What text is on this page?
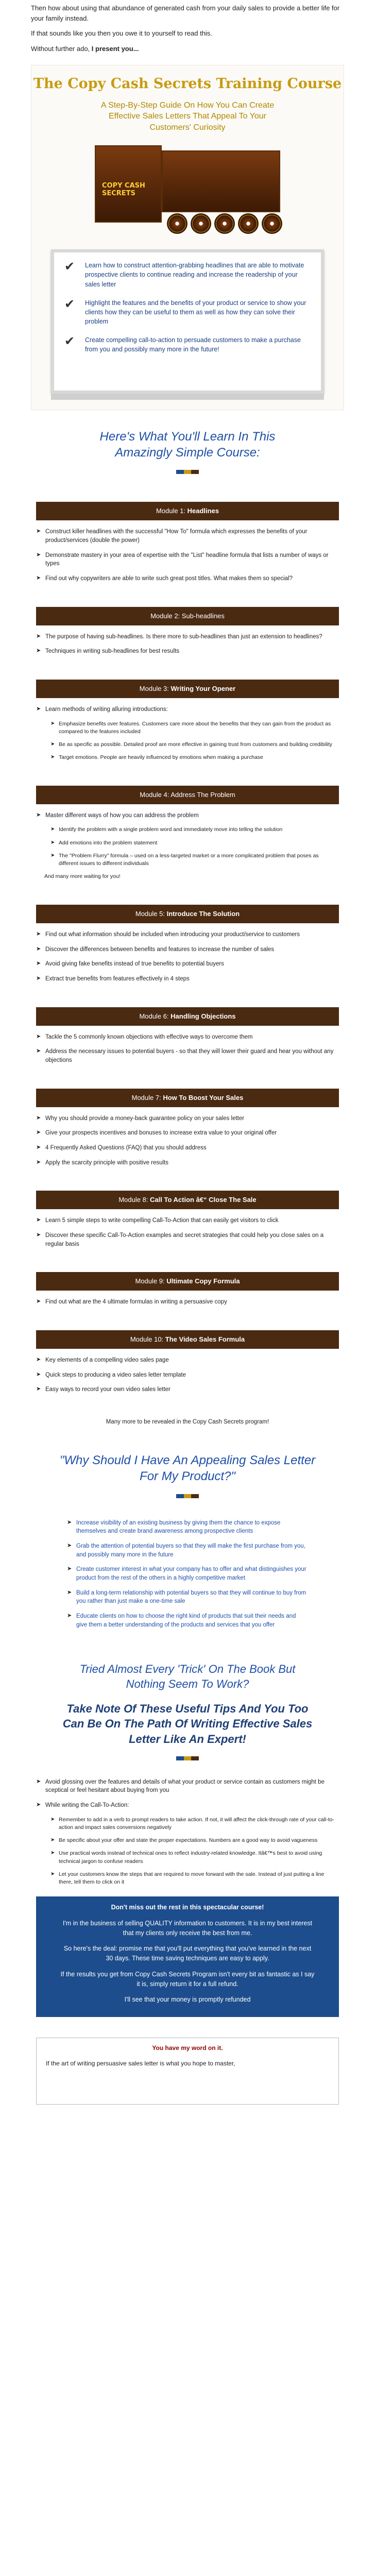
Then how about using that abundance of generated cash from your daily sales to provide a better life for your family instead.

If that sounds like you then you owe it to yourself to read this.

Without further ado, I present you...

The Copy Cash Secrets Training Course
A Step-By-Step Guide On How You Can Create Effective Sales Letters That Appeal To Your Customers' Curiosity
COPY CASH SECRETS
✔	Learn how to construct attention-grabbing headlines that are able to motivate prospective clients to continue reading and increase the readership of your sales letter
✔	Highlight the features and the benefits of your product or service to show your clients how they can be useful to them as well as how they can solve their problem
✔	Create compelling call-to-action to persuade customers to make a purchase from you and possibly many more in the future!
Here's What You'll Learn In This Amazingly Simple Course:
Module 1: Headlines
➤ Construct killer headlines with the successful "How To" formula which expresses the benefits of your product/services (double the power)
➤ Demonstrate mastery in your area of expertise with the "List" headline formula that lists a number of ways or types
➤ Find out why copywriters are able to write such great post titles. What makes them so special?
Module 2: Sub-headlines
➤ The purpose of having sub-headlines. Is there more to sub-headlines than just an extension to headlines?
➤ Techniques in writing sub-headlines for best results
Module 3: Writing Your Opener
➤ Learn methods of writing alluring introductions:
➤ Emphasize benefits over features. Customers care more about the benefits that they can gain from the product as compared to the features included
➤ Be as specific as possible. Detailed proof are more effective in gaining trust from customers and building credibility
➤ Target emotions. People are heavily influenced by emotions when making a purchase
Module 4: Address The Problem
➤ Master different ways of how you can address the problem
➤ Identify the problem with a single problem word and immediately move into telling the solution
➤ Add emotions into the problem statement
➤ The "Problem Flurry" formula – used on a less-targeted market or a more complicated problem that poses as different issues to different individuals
And many more waiting for you!
Module 5: Introduce The Solution
➤ Find out what information should be included when introducing your product/service to customers
➤ Discover the differences between benefits and features to increase the number of sales
➤ Avoid giving fake benefits instead of true benefits to potential buyers
➤ Extract true benefits from features effectively in 4 steps
Module 6: Handling Objections
➤ Tackle the 5 commonly known objections with effective ways to overcome them
➤ Address the necessary issues to potential buyers - so that they will lower their guard and hear you without any objections
Module 7: How To Boost Your Sales
➤ Why you should provide a money-back guarantee policy on your sales letter
➤ Give your prospects incentives and bonuses to increase extra value to your original offer
➤ 4 Frequently Asked Questions (FAQ) that you should address
➤ Apply the scarcity principle with positive results
Module 8: Call To Action â€“ Close The Sale
➤ Learn 5 simple steps to write compelling Call-To-Action that can easily get visitors to click
➤ Discover these specific Call-To-Action examples and secret strategies that could help you close sales on a regular basis
Module 9: Ultimate Copy Formula
➤ Find out what are the 4 ultimate formulas in writing a persuasive copy
Module 10: The Video Sales Formula
➤ Key elements of a compelling video sales page
➤ Quick steps to producing a video sales letter template
➤ Easy ways to record your own video sales letter
Many more to be revealed in the Copy Cash Secrets program!
"Why Should I Have An Appealing Sales Letter For My Product?"
➤ Increase visibility of an existing business by giving them the chance to expose themselves and create brand awareness among prospective clients
➤ Grab the attention of potential buyers so that they will make the first purchase from you, and possibly many more in the future
➤ Create customer interest in what your company has to offer and what distinguishes your product from the rest of the others in a highly competitive market
➤ Build a long-term relationship with potential buyers so that they will continue to buy from you rather than just make a one-time sale
➤ Educate clients on how to choose the right kind of products that suit their needs and give them a better understanding of the products and services that you offer
Tried Almost Every 'Trick' On The Book But Nothing Seem To Work?
Take Note Of These Useful Tips And You Too Can Be On The Path Of Writing Effective Sales Letter Like An Expert!
➤ Avoid glossing over the features and details of what your product or service contain as customers might be sceptical or feel hesitant about buying from you
➤ While writing the Call-To-Action:
➤ Remember to add in a verb to prompt readers to take action. If not, it will affect the click-through rate of your call-to-action and impact sales conversions negatively
➤ Be specific about your offer and state the proper expectations. Numbers are a good way to avoid vagueness
➤ Use practical words instead of technical ones to reflect industry-related knowledge. Itâ€™s best to avoid using technical jargon to confuse readers
➤ Let your customers know the steps that are required to move forward with the sale. Instead of just putting a line there, tell them to click on it

Don't miss out the rest in this spectacular course!

I'm in the business of selling QUALITY information to customers. It is in my best interest that my clients only receive the best from me.

So here's the deal: promise me that you'll put everything that you've learned in the next 30 days. These time saving techniques are easy to apply.

If the results you get from Copy Cash Secrets Program isn't every bit as fantastic as I say it is, simply return it for a full refund.

I'll see that your money is promptly refunded

You have my word on it.

If the art of writing persuasive sales letter is what you hope to master,
